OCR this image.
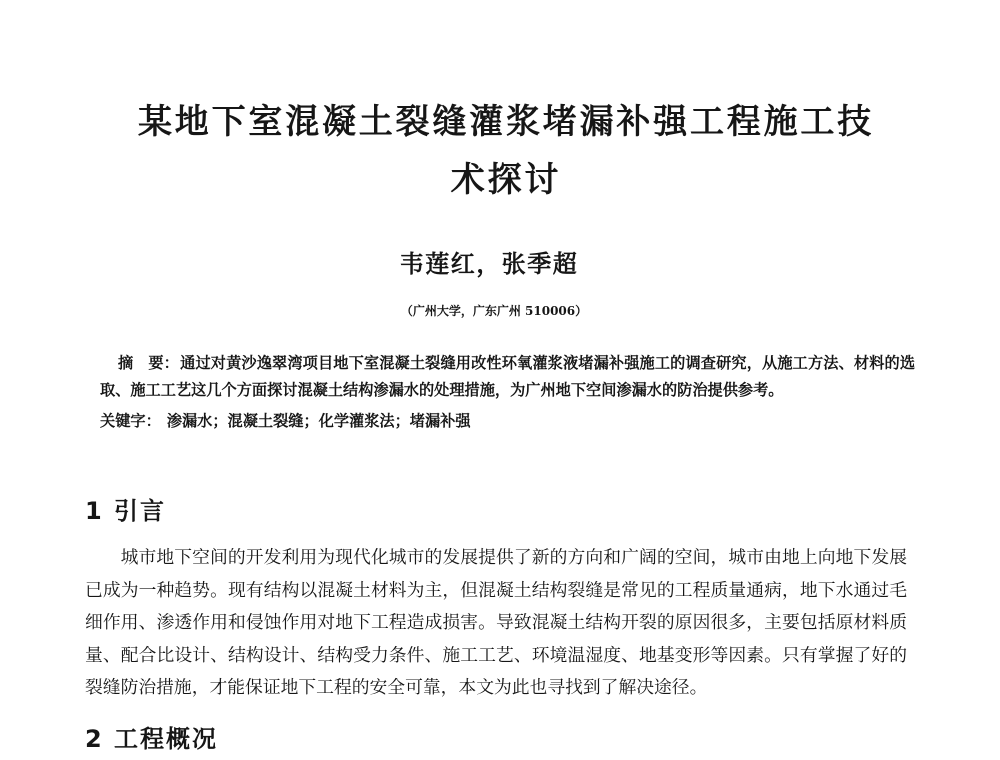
某地下室混凝土裂缝灌浆堵漏补强工程施工技
术探讨
韦莲红，张季超
（广州大学，广东广州 510006）
摘　要：通过对黄沙逸翠湾项目地下室混凝土裂缝用改性环氧灌浆液堵漏补强施工的调查研究，从施工方法、材料的选取、施工工艺这几个方面探讨混凝土结构渗漏水的处理措施，为广州地下空间渗漏水的防治提供参考。
关键字： 渗漏水；混凝土裂缝；化学灌浆法；堵漏补强
1 引言

城市地下空间的开发利用为现代化城市的发展提供了新的方向和广阔的空间，城市由地上向地下发展已成为一种趋势。现有结构以混凝土材料为主，但混凝土结构裂缝是常见的工程质量通病，地下水通过毛细作用、渗透作用和侵蚀作用对地下工程造成损害。导致混凝土结构开裂的原因很多，主要包括原材料质量、配合比设计、结构设计、结构受力条件、施工工艺、环境温湿度、地基变形等因素。只有掌握了好的裂缝防治措施，才能保证地下工程的安全可靠，本文为此也寻找到了解决途径。

2 工程概况
